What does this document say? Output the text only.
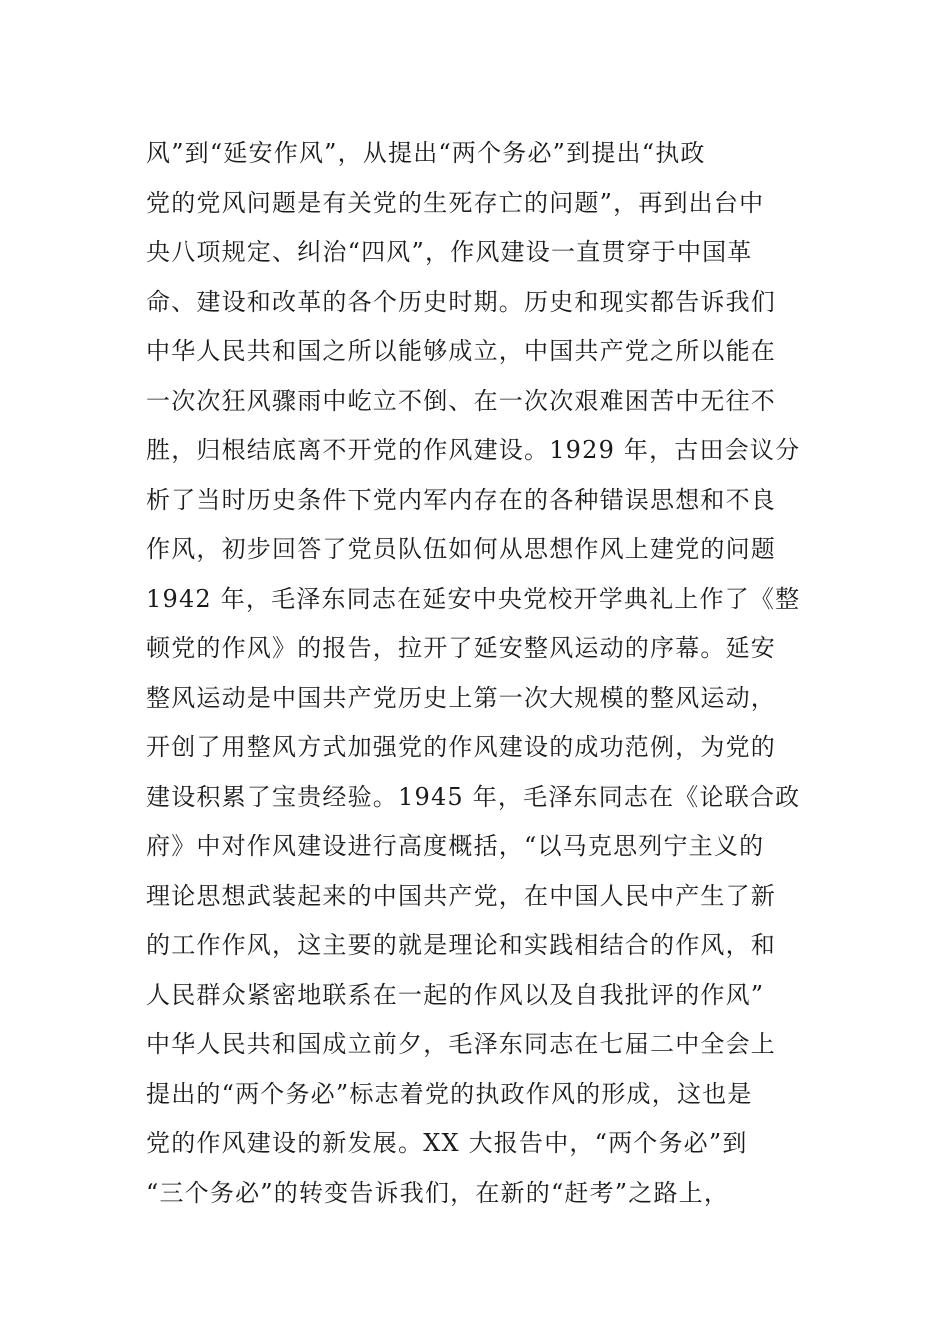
风”到“延安作风”，从提出“两个务必”到提出“执政
党的党风问题是有关党的生死存亡的问题”，再到出台中
央八项规定、纠治“四风”，作风建设一直贯穿于中国革
命、建设和改革的各个历史时期。历史和现实都告诉我们
中华人民共和国之所以能够成立，中国共产党之所以能在
一次次狂风骤雨中屹立不倒、在一次次艰难困苦中无往不
胜，归根结底离不开党的作风建设。1929 年，古田会议分
析了当时历史条件下党内军内存在的各种错误思想和不良
作风，初步回答了党员队伍如何从思想作风上建党的问题
1942 年，毛泽东同志在延安中央党校开学典礼上作了《整
顿党的作风》的报告，拉开了延安整风运动的序幕。延安
整风运动是中国共产党历史上第一次大规模的整风运动，
开创了用整风方式加强党的作风建设的成功范例，为党的
建设积累了宝贵经验。1945 年，毛泽东同志在《论联合政
府》中对作风建设进行高度概括，“以马克思列宁主义的
理论思想武装起来的中国共产党，在中国人民中产生了新
的工作作风，这主要的就是理论和实践相结合的作风，和
人民群众紧密地联系在一起的作风以及自我批评的作风”
中华人民共和国成立前夕，毛泽东同志在七届二中全会上
提出的“两个务必”标志着党的执政作风的形成，这也是
党的作风建设的新发展。XX 大报告中，“两个务必”到
“三个务必”的转变告诉我们，在新的“赶考”之路上，
